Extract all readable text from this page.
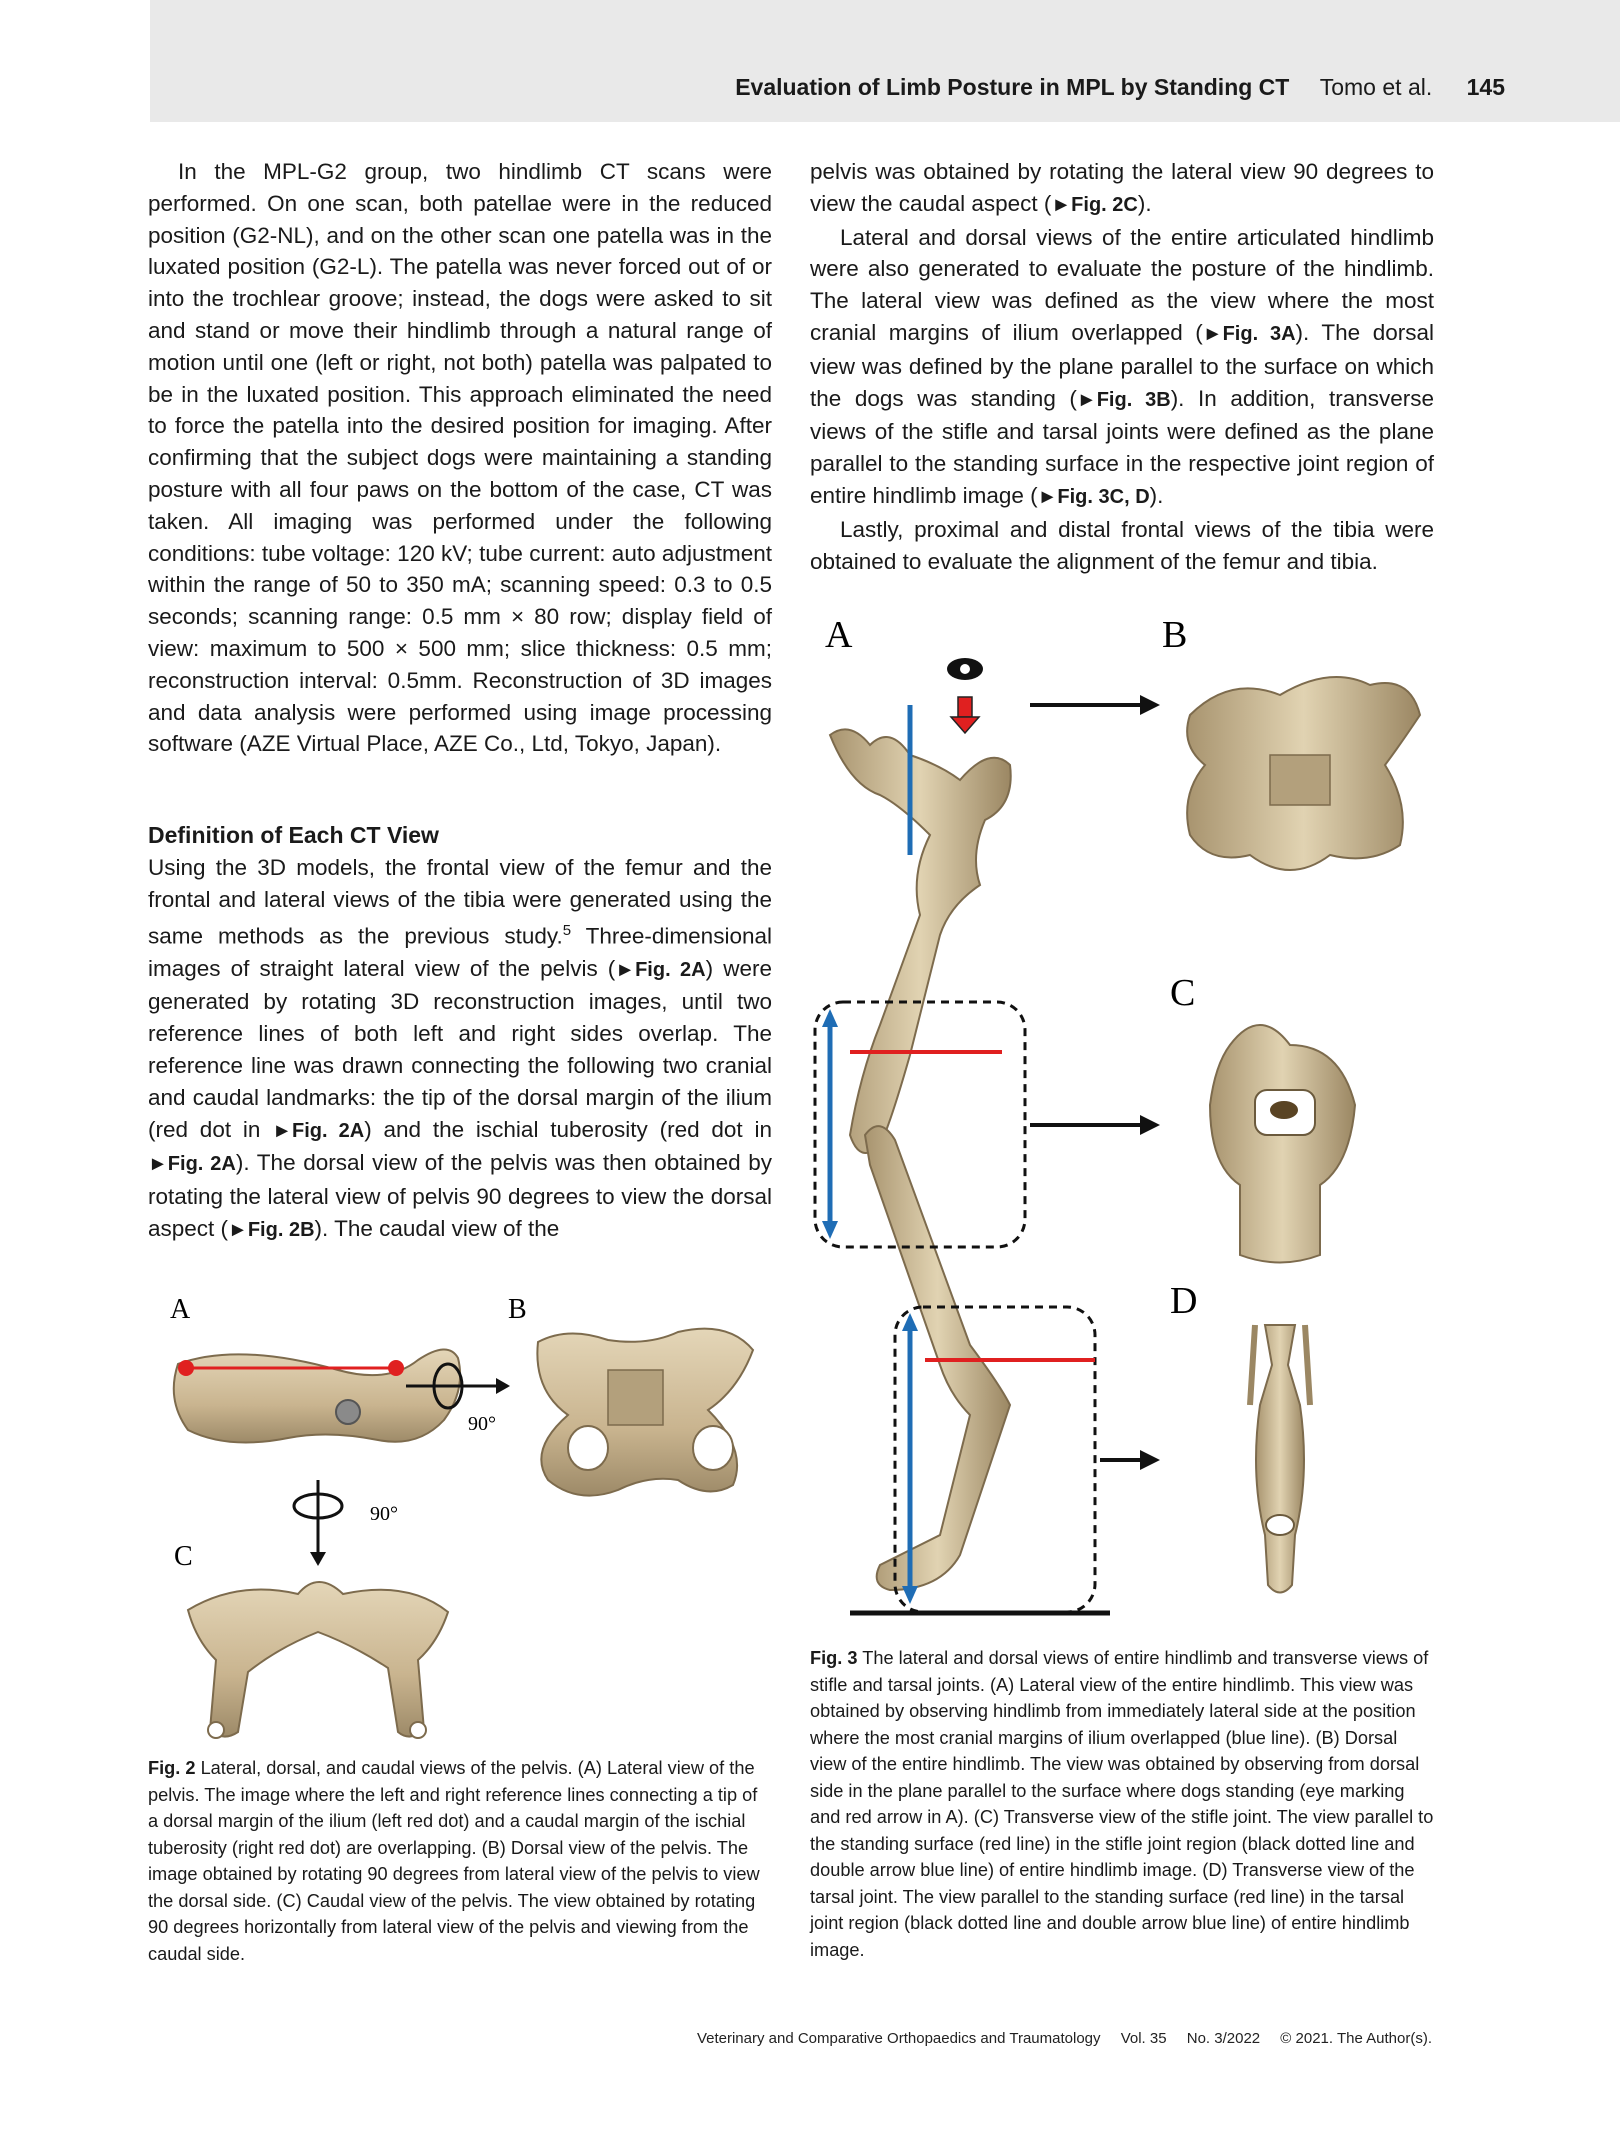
Evaluation of Limb Posture in MPL by Standing CT Tomo et al. 145

In the MPL-G2 group, two hindlimb CT scans were performed. On one scan, both patellae were in the reduced position (G2-NL), and on the other scan one patella was in the luxated position (G2-L). The patella was never forced out of or into the trochlear groove; instead, the dogs were asked to sit and stand or move their hindlimb through a natural range of motion until one (left or right, not both) patella was palpated to be in the luxated position. This approach eliminated the need to force the patella into the desired position for imaging. After confirming that the subject dogs were maintaining a standing posture with all four paws on the bottom of the case, CT was taken. All imaging was performed under the following conditions: tube voltage: 120 kV; tube current: auto adjustment within the range of 50 to 350 mA; scanning speed: 0.3 to 0.5 seconds; scanning range: 0.5 mm × 80 row; display field of view: maximum to 500 × 500 mm; slice thickness: 0.5 mm; reconstruction interval: 0.5mm. Reconstruction of 3D images and data analysis were performed using image processing software (AZE Virtual Place, AZE Co., Ltd, Tokyo, Japan).

Definition of Each CT View

Using the 3D models, the frontal view of the femur and the frontal and lateral views of the tibia were generated using the same methods as the previous study.$^5$ Three-dimensional images of straight lateral view of the pelvis (►Fig. 2A) were generated by rotating 3D reconstruction images, until two reference lines of both left and right sides overlap. The reference line was drawn connecting the following two cranial and caudal landmarks: the tip of the dorsal margin of the ilium (red dot in ►Fig. 2A) and the ischial tuberosity (red dot in ►Fig. 2A). The dorsal view of the pelvis was then obtained by rotating the lateral view of pelvis 90 degrees to view the dorsal aspect (►Fig. 2B). The caudal view of the

pelvis was obtained by rotating the lateral view 90 degrees to view the caudal aspect (►Fig. 2C).

Lateral and dorsal views of the entire articulated hindlimb were also generated to evaluate the posture of the hindlimb. The lateral view was defined as the view where the most cranial margins of ilium overlapped (►Fig. 3A). The dorsal view was defined by the plane parallel to the surface on which the dogs was standing (►Fig. 3B). In addition, transverse views of the stifle and tarsal joints were defined as the plane parallel to the standing surface in the respective joint region of entire hindlimb image (►Fig. 3C, D).

Lastly, proximal and distal frontal views of the tibia were obtained to evaluate the alignment of the femur and tibia.

A	B
C
90°
90°
Fig. 2 Lateral, dorsal, and caudal views of the pelvis. (A) Lateral view of the pelvis. The image where the left and right reference lines connecting a tip of a dorsal margin of the ilium (left red dot) and a caudal margin of the ischial tuberosity (right red dot) are overlapping. (B) Dorsal view of the pelvis. The image obtained by rotating 90 degrees from lateral view of the pelvis to view the dorsal side. (C) Caudal view of the pelvis. The view obtained by rotating 90 degrees horizontally from lateral view of the pelvis and viewing from the caudal side.
A	B
C
D
Fig. 3 The lateral and dorsal views of entire hindlimb and transverse views of stifle and tarsal joints. (A) Lateral view of the entire hindlimb. This view was obtained by observing hindlimb from immediately lateral side at the position where the most cranial margins of ilium overlapped (blue line). (B) Dorsal view of the entire hindlimb. The view was obtained by observing from dorsal side in the plane parallel to the surface where dogs standing (eye marking and red arrow in A). (C) Transverse view of the stifle joint. The view parallel to the standing surface (red line) in the stifle joint region (black dotted line and double arrow blue line) of entire hindlimb image. (D) Transverse view of the tarsal joint. The view parallel to the standing surface (red line) in the tarsal joint region (black dotted line and double arrow blue line) of entire hindlimb image.
Veterinary and Comparative Orthopaedics and Traumatology Vol. 35 No. 3/2022 © 2021. The Author(s).
